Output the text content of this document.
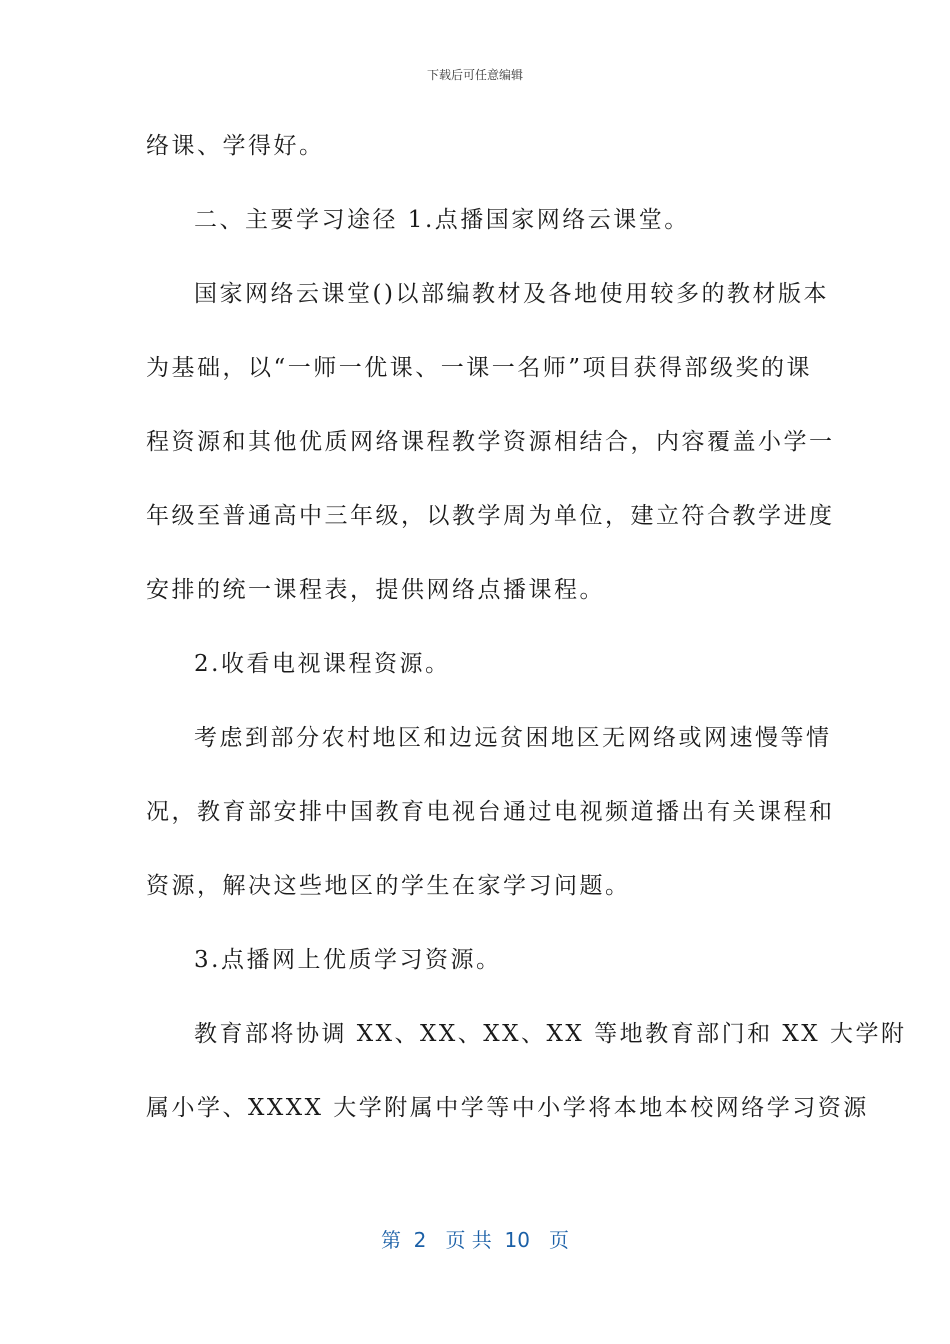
下载后可任意编辑
络课、学得好。
二、主要学习途径 1.点播国家网络云课堂。
国家网络云课堂()以部编教材及各地使用较多的教材版本
为基础，以“一师一优课、一课一名师”项目获得部级奖的课
程资源和其他优质网络课程教学资源相结合，内容覆盖小学一
年级至普通高中三年级，以教学周为单位，建立符合教学进度
安排的统一课程表，提供网络点播课程。
2.收看电视课程资源。
考虑到部分农村地区和边远贫困地区无网络或网速慢等情
况，教育部安排中国教育电视台通过电视频道播出有关课程和
资源，解决这些地区的学生在家学习问题。
3.点播网上优质学习资源。
教育部将协调 XX、XX、XX、XX 等地教育部门和 XX 大学附
属小学、XXXX 大学附属中学等中小学将本地本校网络学习资源
第  2   页 共  10   页
